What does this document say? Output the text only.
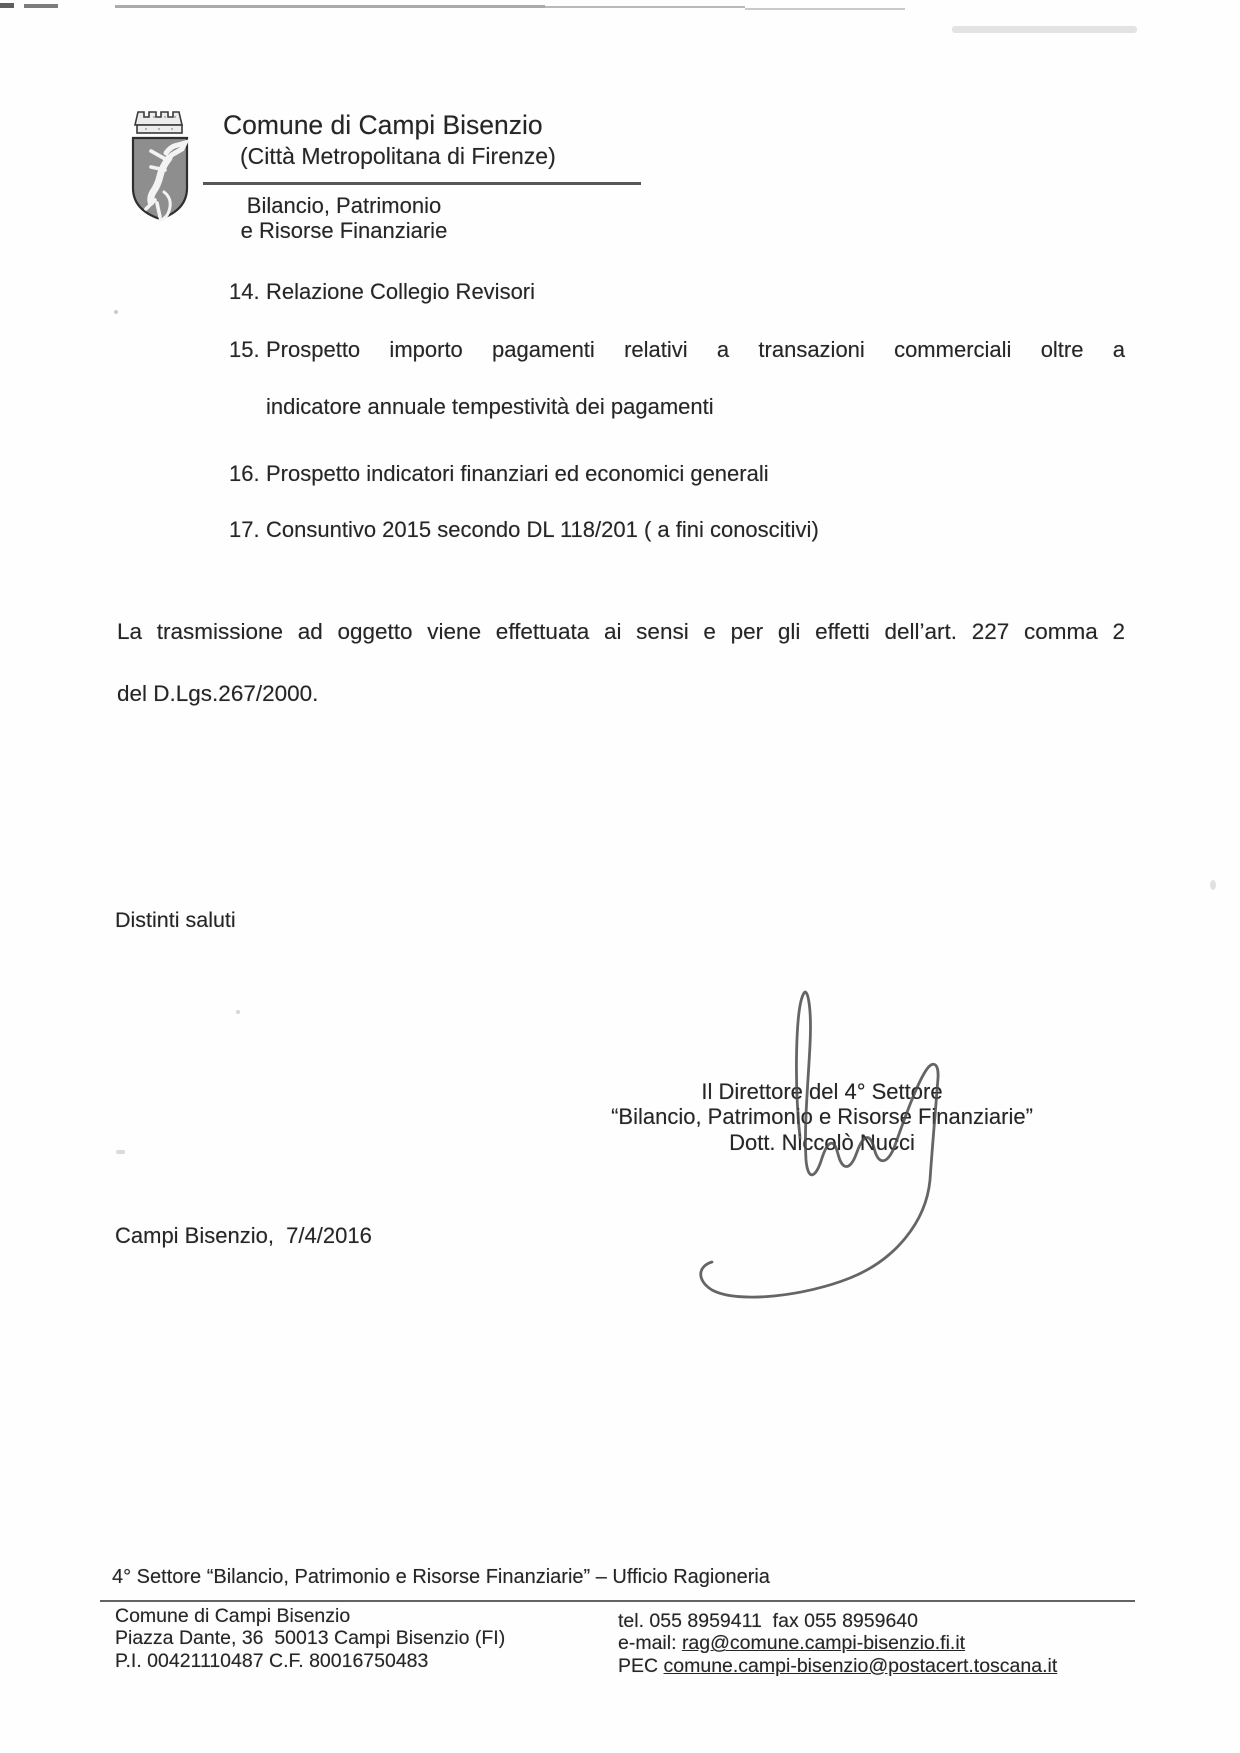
Comune di Campi Bisenzio
(Città Metropolitana di Firenze)
Bilancio, Patrimonio
e Risorse Finanziarie
14. Relazione Collegio Revisori
15. Prospetto importo pagamenti relativi a transazioni commerciali oltre a
indicatore annuale tempestività dei pagamenti
16. Prospetto indicatori finanziari ed economici generali
17. Consuntivo 2015 secondo DL 118/201 ( a fini conoscitivi)
La trasmissione ad oggetto viene effettuata ai sensi e per gli effetti dell’art. 227 comma 2
del D.Lgs.267/2000.
Distinti saluti
Il Direttore del 4° Settore
“Bilancio, Patrimonio e Risorse Finanziarie”
Dott. Niccolò Nucci
Campi Bisenzio,  7/4/2016
4° Settore “Bilancio, Patrimonio e Risorse Finanziarie” – Ufficio Ragioneria
Comune di Campi Bisenzio
Piazza Dante, 36  50013 Campi Bisenzio (FI)
P.I. 00421110487 C.F. 80016750483
tel. 055 8959411  fax 055 8959640
e-mail: rag@comune.campi-bisenzio.fi.it
PEC comune.campi-bisenzio@postacert.toscana.it
